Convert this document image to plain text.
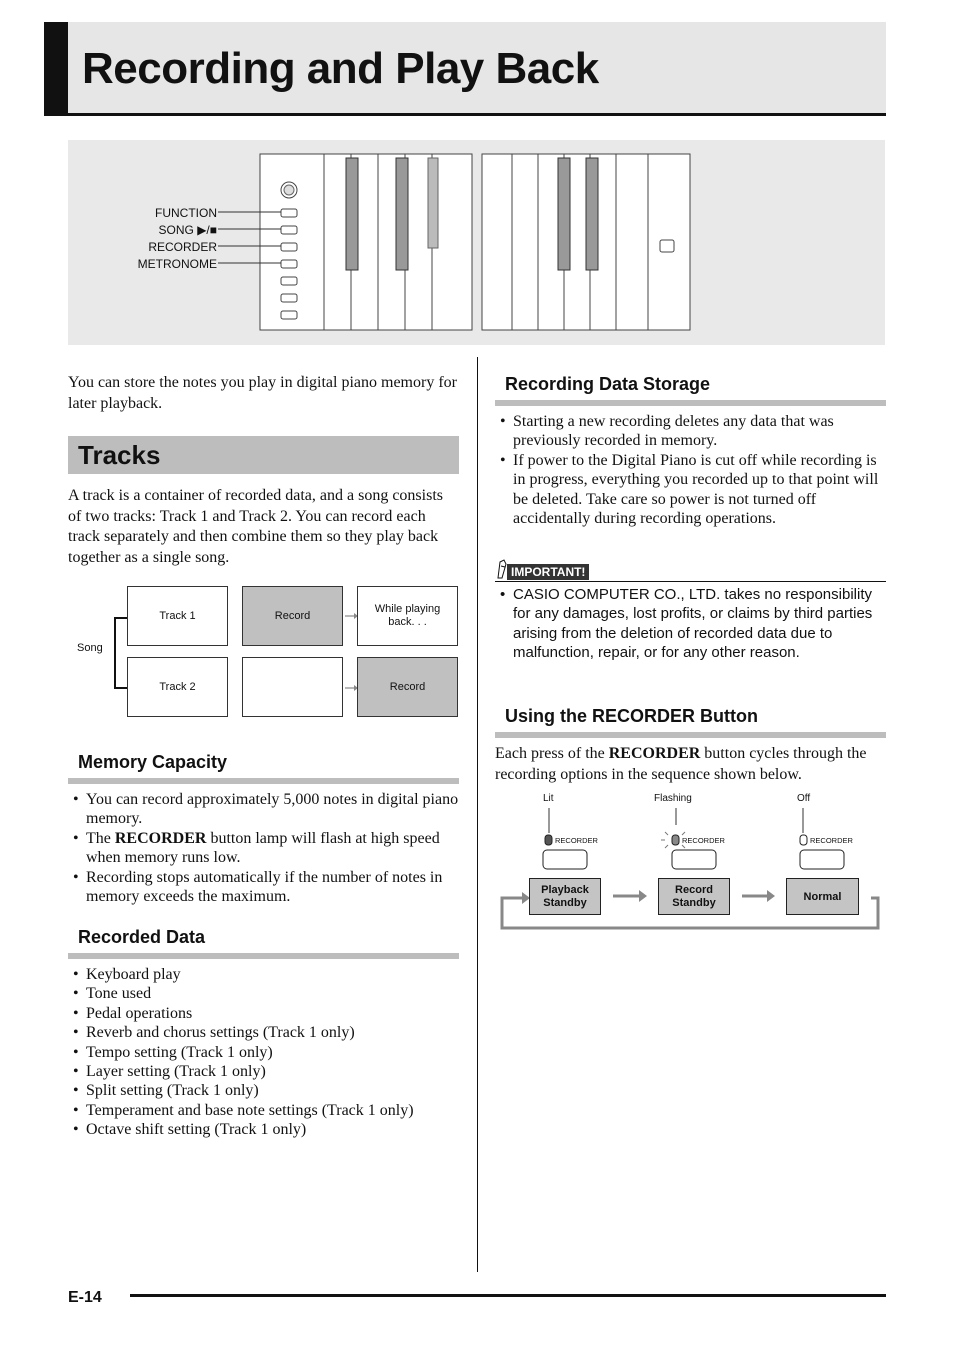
Recording and Play Back
FUNCTION
SONG ▶/■
RECORDER
METRONOME
You can store the notes you play in digital piano memory for later playback.
Tracks
A track is a container of recorded data, and a song consists of two tracks: Track 1 and Track 2. You can record each track separately and then combine them so they play back together as a single song.
Song
Track 1	Record
While playing back. . .
Track 2	Record
Memory Capacity
• You can record approximately 5,000 notes in digital piano memory.
• The RECORDER button lamp will flash at high speed when memory runs low.
• Recording stops automatically if the number of notes in memory exceeds the maximum.
Recorded Data
• Keyboard play
• Tone used
• Pedal operations
• Reverb and chorus settings (Track 1 only)
• Tempo setting (Track 1 only)
• Layer setting (Track 1 only)
• Split setting (Track 1 only)
• Temperament and base note settings (Track 1 only)
• Octave shift setting (Track 1 only)
Recording Data Storage
• Starting a new recording deletes any data that was previously recorded in memory.
• If power to the Digital Piano is cut off while recording is in progress, everything you recorded up to that point will be deleted. Take care so power is not turned off accidentally during recording operations.
IMPORTANT!
• CASIO COMPUTER CO., LTD. takes no responsibility for any damages, lost profits, or claims by third parties arising from the deletion of recorded data due to malfunction, repair, or for any other reason.
Using the RECORDER Button
Each press of the RECORDER button cycles through the recording options in the sequence shown below.
Lit	Flashing	Off
RECORDER	RECORDER	RECORDER
Playback Standby
Record Standby	Normal
E-14
